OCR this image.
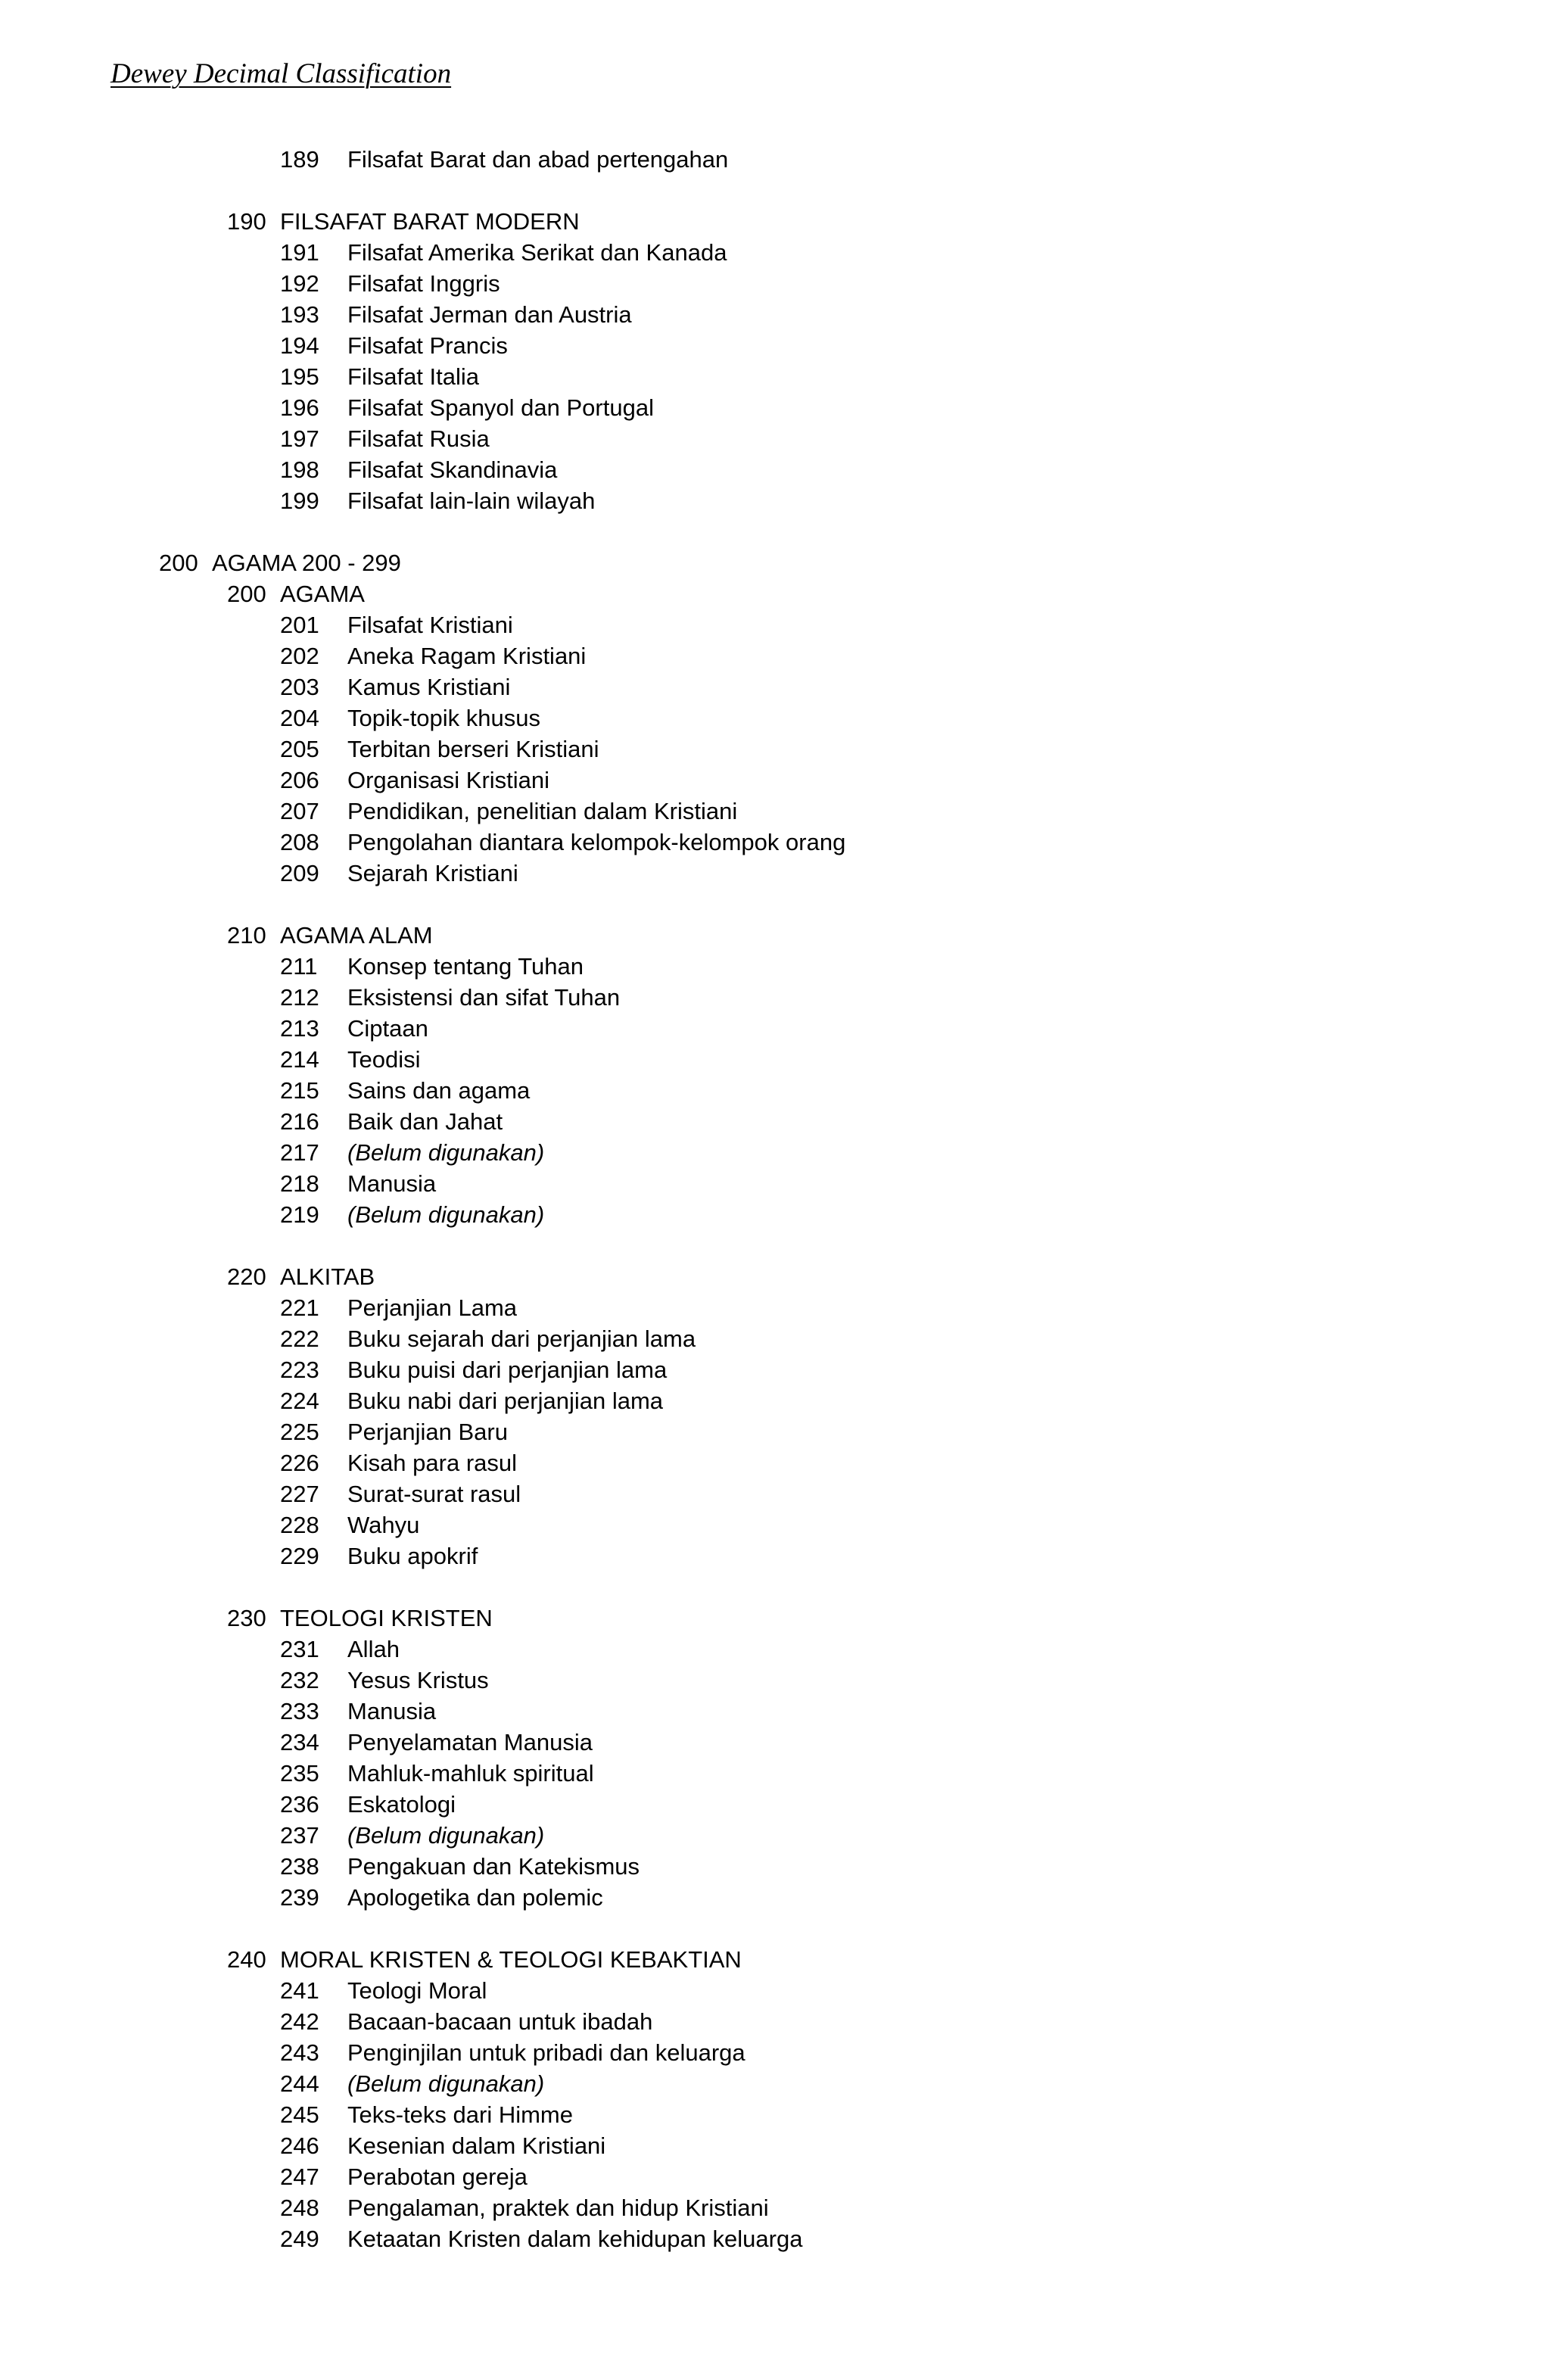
Dewey Decimal Classification
189 Filsafat Barat dan abad pertengahan
190 FILSAFAT BARAT MODERN
191 Filsafat Amerika Serikat dan Kanada
192 Filsafat Inggris
193 Filsafat Jerman dan Austria
194 Filsafat Prancis
195 Filsafat Italia
196 Filsafat Spanyol dan Portugal
197 Filsafat Rusia
198 Filsafat Skandinavia
199 Filsafat lain-lain wilayah
200 AGAMA 200 - 299
200 AGAMA
201 Filsafat Kristiani
202 Aneka Ragam Kristiani
203 Kamus Kristiani
204 Topik-topik khusus
205 Terbitan berseri Kristiani
206 Organisasi Kristiani
207 Pendidikan, penelitian dalam Kristiani
208 Pengolahan diantara kelompok-kelompok orang
209 Sejarah Kristiani
210 AGAMA ALAM
211 Konsep tentang Tuhan
212 Eksistensi dan sifat Tuhan
213 Ciptaan
214 Teodisi
215 Sains dan agama
216 Baik dan Jahat
217 (Belum digunakan)
218 Manusia
219 (Belum digunakan)
220 ALKITAB
221 Perjanjian Lama
222 Buku sejarah dari perjanjian lama
223 Buku puisi dari perjanjian lama
224 Buku nabi dari perjanjian lama
225 Perjanjian Baru
226 Kisah para rasul
227 Surat-surat rasul
228 Wahyu
229 Buku apokrif
230 TEOLOGI KRISTEN
231 Allah
232 Yesus Kristus
233 Manusia
234 Penyelamatan Manusia
235 Mahluk-mahluk spiritual
236 Eskatologi
237 (Belum digunakan)
238 Pengakuan dan Katekismus
239 Apologetika dan polemic
240 MORAL KRISTEN & TEOLOGI KEBAKTIAN
241 Teologi Moral
242 Bacaan-bacaan untuk ibadah
243 Penginjilan untuk pribadi dan keluarga
244 (Belum digunakan)
245 Teks-teks dari Himme
246 Kesenian dalam Kristiani
247 Perabotan gereja
248 Pengalaman, praktek dan hidup Kristiani
249 Ketaatan Kristen dalam kehidupan keluarga
